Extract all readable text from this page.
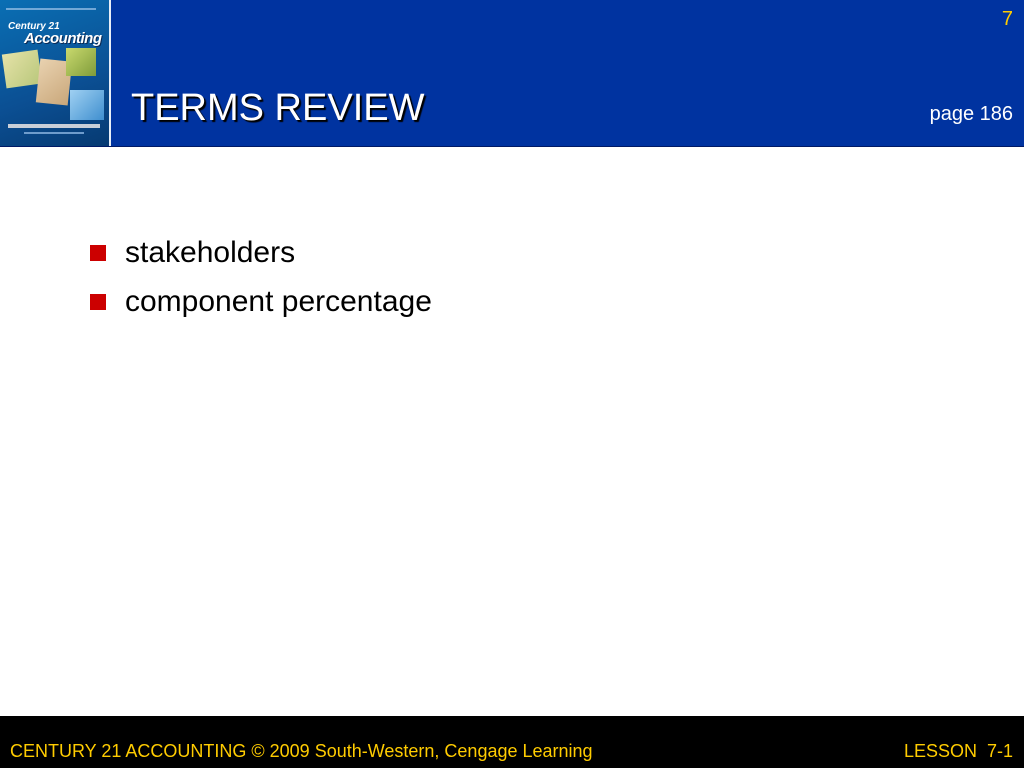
Century 21
Accounting
7
TERMS REVIEW	page 186
stakeholders
component percentage
CENTURY 21 ACCOUNTING © 2009 South-Western, Cengage Learning	LESSON  7-1
